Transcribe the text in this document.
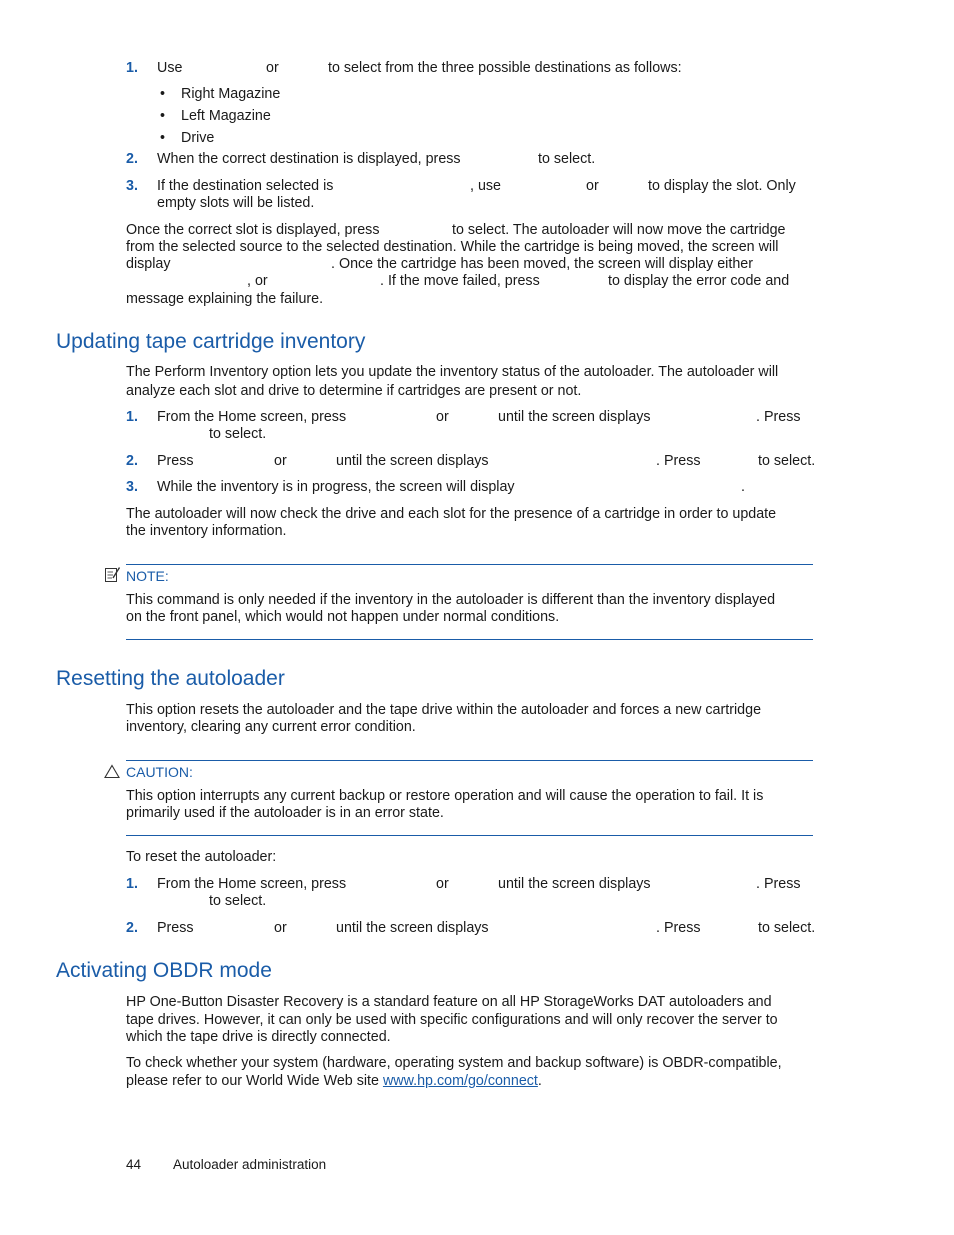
1. Use	or	to select from the three possible destinations as follows:
• Right Magazine
• Left Magazine
• Drive
2. When the correct destination is displayed, press	to select.
3. If the destination selected is	, use	or	to display the slot. Only
empty slots will be listed.
Once the correct slot is displayed, press	to select. The autoloader will now move the cartridge
from the selected source to the selected destination. While the cartridge is being moved, the screen will
display	. Once the cartridge has been moved, the screen will display either
, or	. If the move failed, press	to display the error code and
message explaining the failure.
Updating tape cartridge inventory
The Perform Inventory option lets you update the inventory status of the autoloader. The autoloader will
analyze each slot and drive to determine if cartridges are present or not.
1. From the Home screen, press	or	until the screen displays	. Press
to select.
2. Press	or	until the screen displays	. Press	to select.
3. While the inventory is in progress, the screen will display	.
The autoloader will now check the drive and each slot for the presence of a cartridge in order to update
the inventory information.
NOTE:
This command is only needed if the inventory in the autoloader is different than the inventory displayed
on the front panel, which would not happen under normal conditions.
Resetting the autoloader
This option resets the autoloader and the tape drive within the autoloader and forces a new cartridge
inventory, clearing any current error condition.
CAUTION:
This option interrupts any current backup or restore operation and will cause the operation to fail. It is
primarily used if the autoloader is in an error state.
To reset the autoloader:
1. From the Home screen, press	or	until the screen displays	. Press
to select.
2. Press	or	until the screen displays	. Press	to select.
Activating OBDR mode
HP One-Button Disaster Recovery is a standard feature on all HP StorageWorks DAT autoloaders and
tape drives. However, it can only be used with specific configurations and will only recover the server to
which the tape drive is directly connected.
To check whether your system (hardware, operating system and backup software) is OBDR-compatible,
please refer to our World Wide Web site www.hp.com/go/connect.
44 Autoloader administration
